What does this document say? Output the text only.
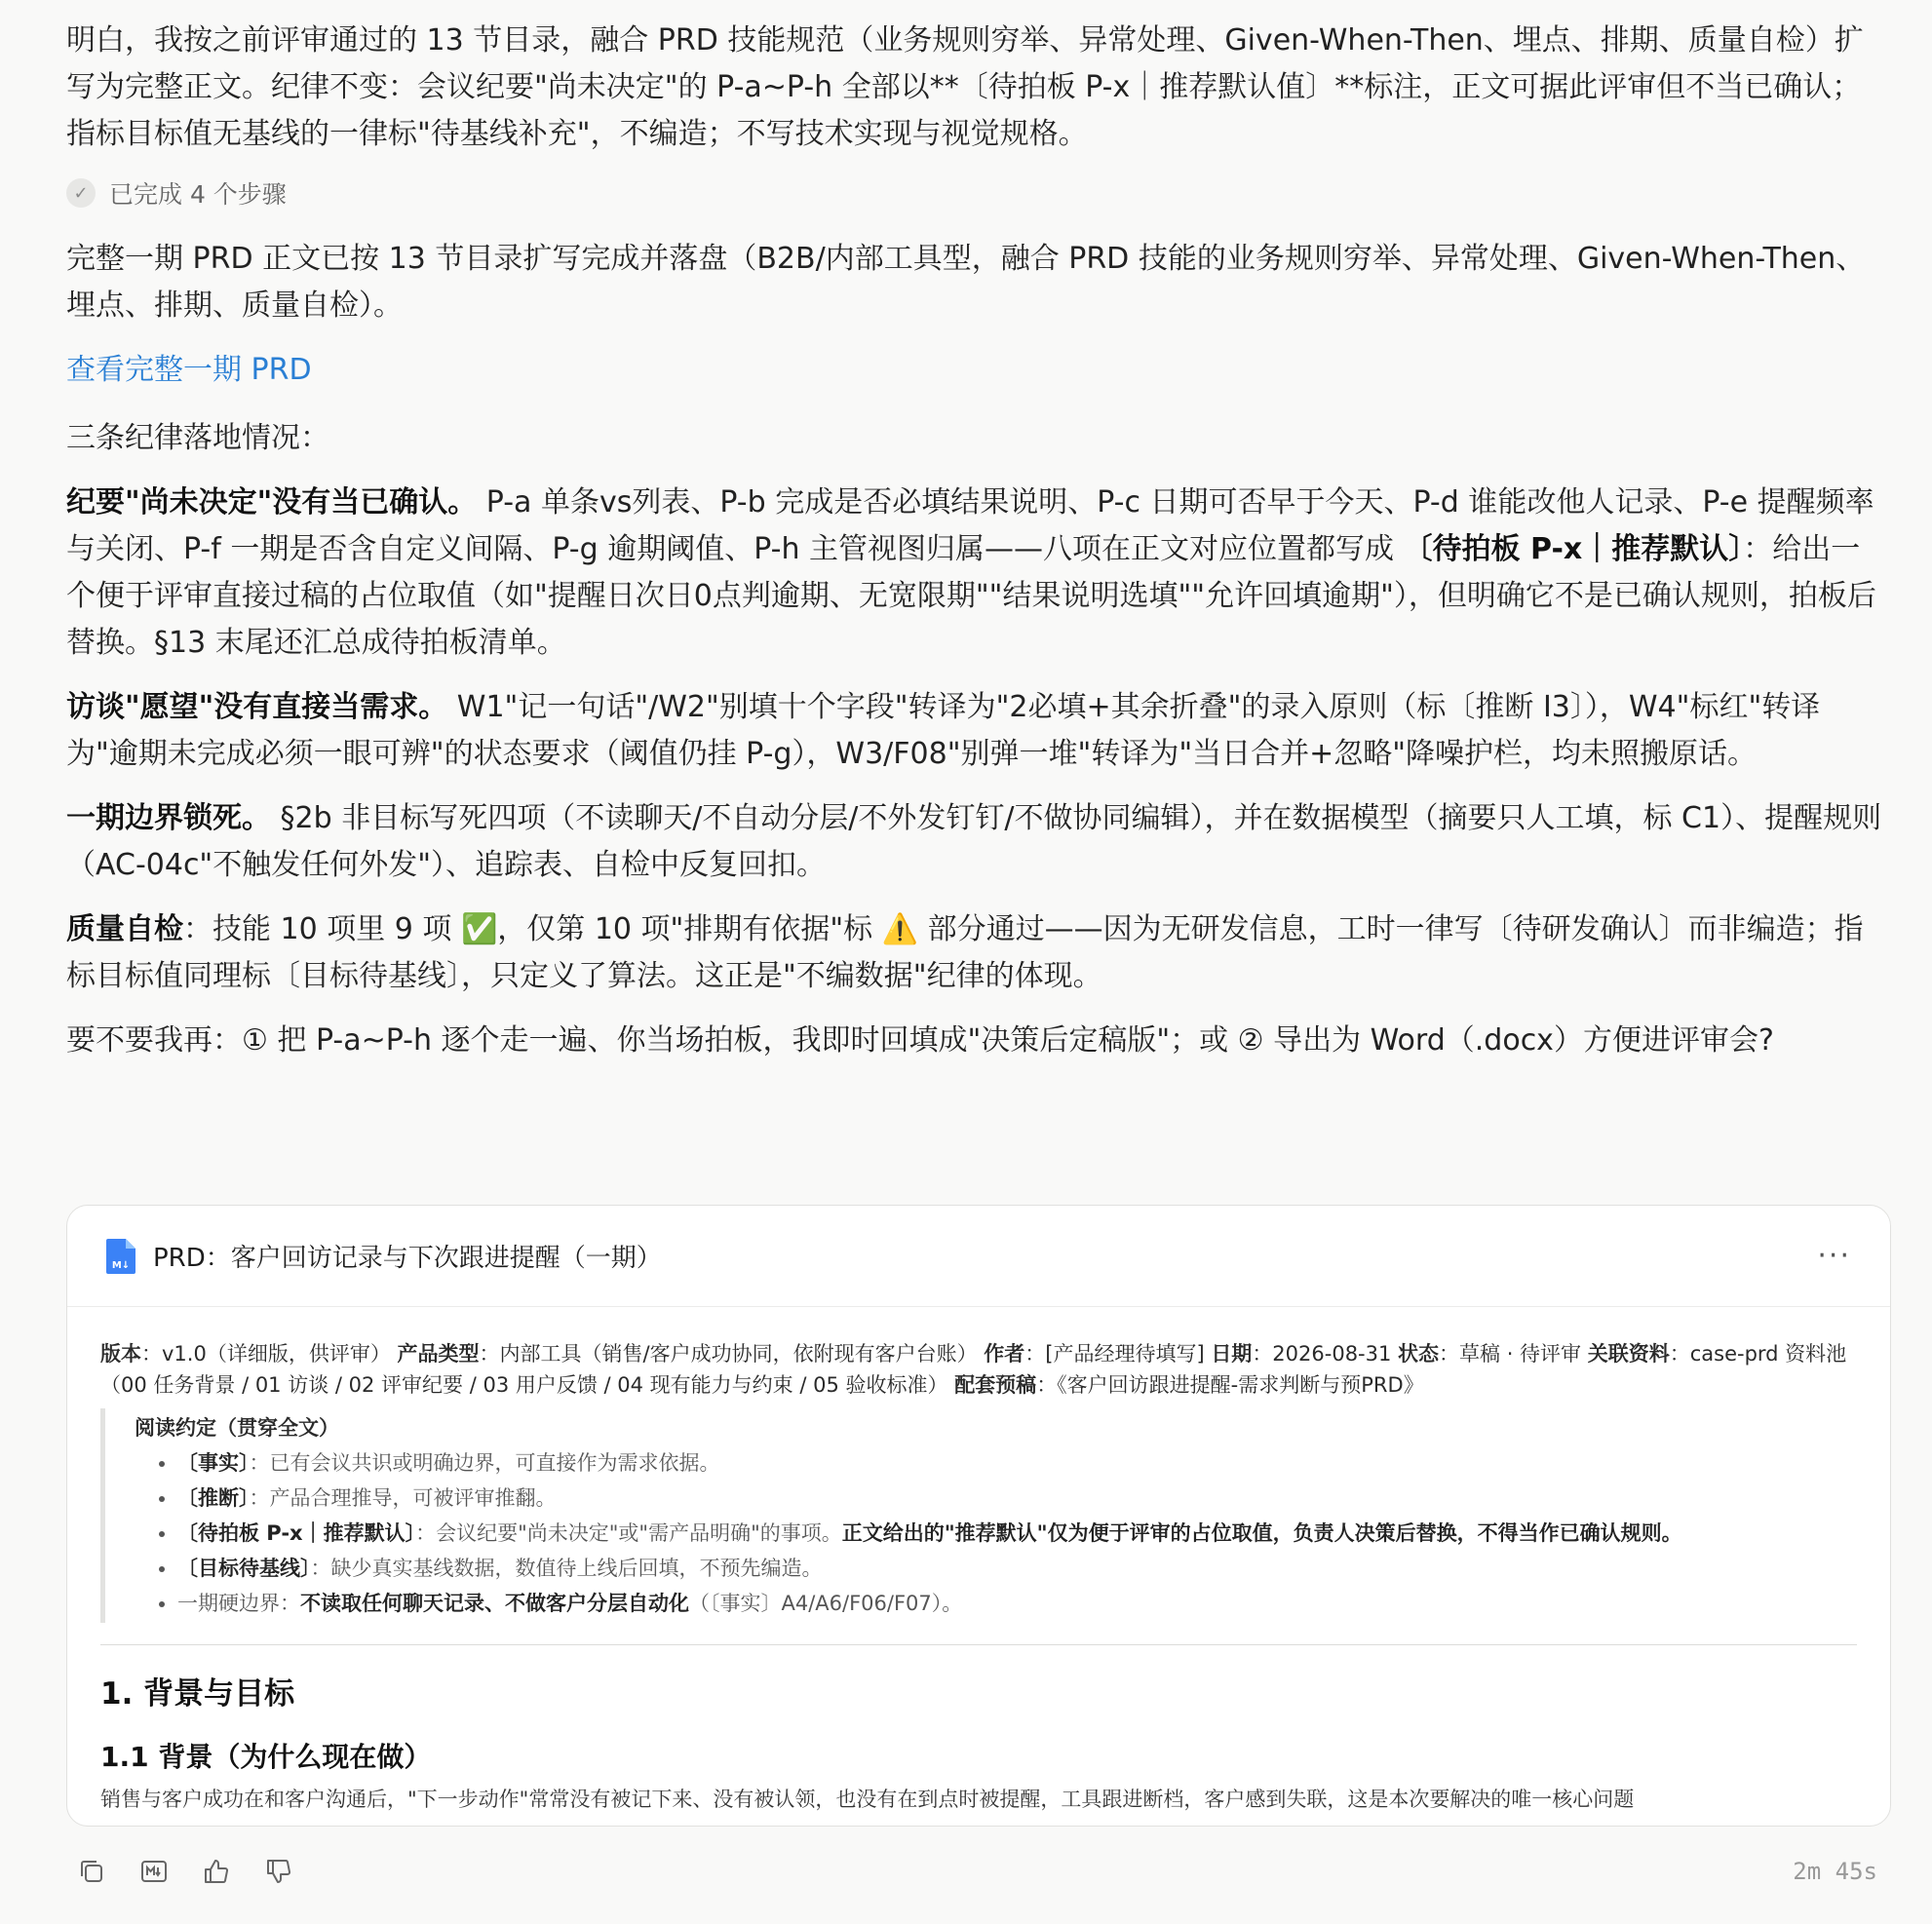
明白，我按之前评审通过的 13 节目录，融合 PRD 技能规范（业务规则穷举、异常处理、Given-When-Then、埋点、排期、质量自检）扩写为完整正文。纪律不变：会议纪要"尚未决定"的 P-a~P-h 全部以**〔待拍板 P-x｜推荐默认值〕**标注，正文可据此评审但不当已确认；指标目标值无基线的一律标"待基线补充"，不编造；不写技术实现与视觉规格。

✓ 已完成 4 个步骤

完整一期 PRD 正文已按 13 节目录扩写完成并落盘（B2B/内部工具型，融合 PRD 技能的业务规则穷举、异常处理、Given-When-Then、埋点、排期、质量自检）。

查看完整一期 PRD

三条纪律落地情况：

纪要"尚未决定"没有当已确认。 P-a 单条vs列表、P-b 完成是否必填结果说明、P-c 日期可否早于今天、P-d 谁能改他人记录、P-e 提醒频率与关闭、P-f 一期是否含自定义间隔、P-g 逾期阈值、P-h 主管视图归属——八项在正文对应位置都写成 〔待拍板 P-x｜推荐默认〕：给出一个便于评审直接过稿的占位取值（如"提醒日次日0点判逾期、无宽限期""结果说明选填""允许回填逾期"），但明确它不是已确认规则，拍板后替换。§13 末尾还汇总成待拍板清单。

访谈"愿望"没有直接当需求。 W1"记一句话"/W2"别填十个字段"转译为"2必填+其余折叠"的录入原则（标〔推断 I3〕），W4"标红"转译为"逾期未完成必须一眼可辨"的状态要求（阈值仍挂 P-g），W3/F08"别弹一堆"转译为"当日合并+忽略"降噪护栏，均未照搬原话。

一期边界锁死。 §2b 非目标写死四项（不读聊天/不自动分层/不外发钉钉/不做协同编辑），并在数据模型（摘要只人工填，标 C1）、提醒规则（AC-04c"不触发任何外发"）、追踪表、自检中反复回扣。

质量自检：技能 10 项里 9 项 ✅，仅第 10 项"排期有依据"标 ⚠️ 部分通过——因为无研发信息，工时一律写〔待研发确认〕而非编造；指标目标值同理标〔目标待基线〕，只定义了算法。这正是"不编数据"纪律的体现。

要不要我再：① 把 P-a~P-h 逐个走一遍、你当场拍板，我即时回填成"决策后定稿版"；或 ② 导出为 Word（.docx）方便进评审会?

M↓ PRD：客户回访记录与下次跟进提醒（一期）	···
版本：v1.0（详细版，供评审） 产品类型：内部工具（销售/客户成功协同，依附现有客户台账） 作者：[产品经理待填写] 日期：2026-08-31 状态：草稿 · 待评审 关联资料：case-prd 资料池（00 任务背景 / 01 访谈 / 02 评审纪要 / 03 用户反馈 / 04 现有能力与约束 / 05 验收标准） 配套预稿：《客户回访跟进提醒-需求判断与预PRD》
阅读约定（贯穿全文）
• 〔事实〕：已有会议共识或明确边界，可直接作为需求依据。
• 〔推断〕：产品合理推导，可被评审推翻。
• 〔待拍板 P-x｜推荐默认〕：会议纪要"尚未决定"或"需产品明确"的事项。正文给出的"推荐默认"仅为便于评审的占位取值，负责人决策后替换，不得当作已确认规则。
• 〔目标待基线〕：缺少真实基线数据，数值待上线后回填，不预先编造。
• 一期硬边界：不读取任何聊天记录、不做客户分层自动化（〔事实〕A4/A6/F06/F07）。
1. 背景与目标
1.1 背景（为什么现在做）
销售与客户成功在和客户沟通后，"下一步动作"常常没有被记下来、没有被认领，也没有在到点时被提醒，工具跟进断档，客户感到失联，这是本次要解决的唯一核心问题
2m 45s
